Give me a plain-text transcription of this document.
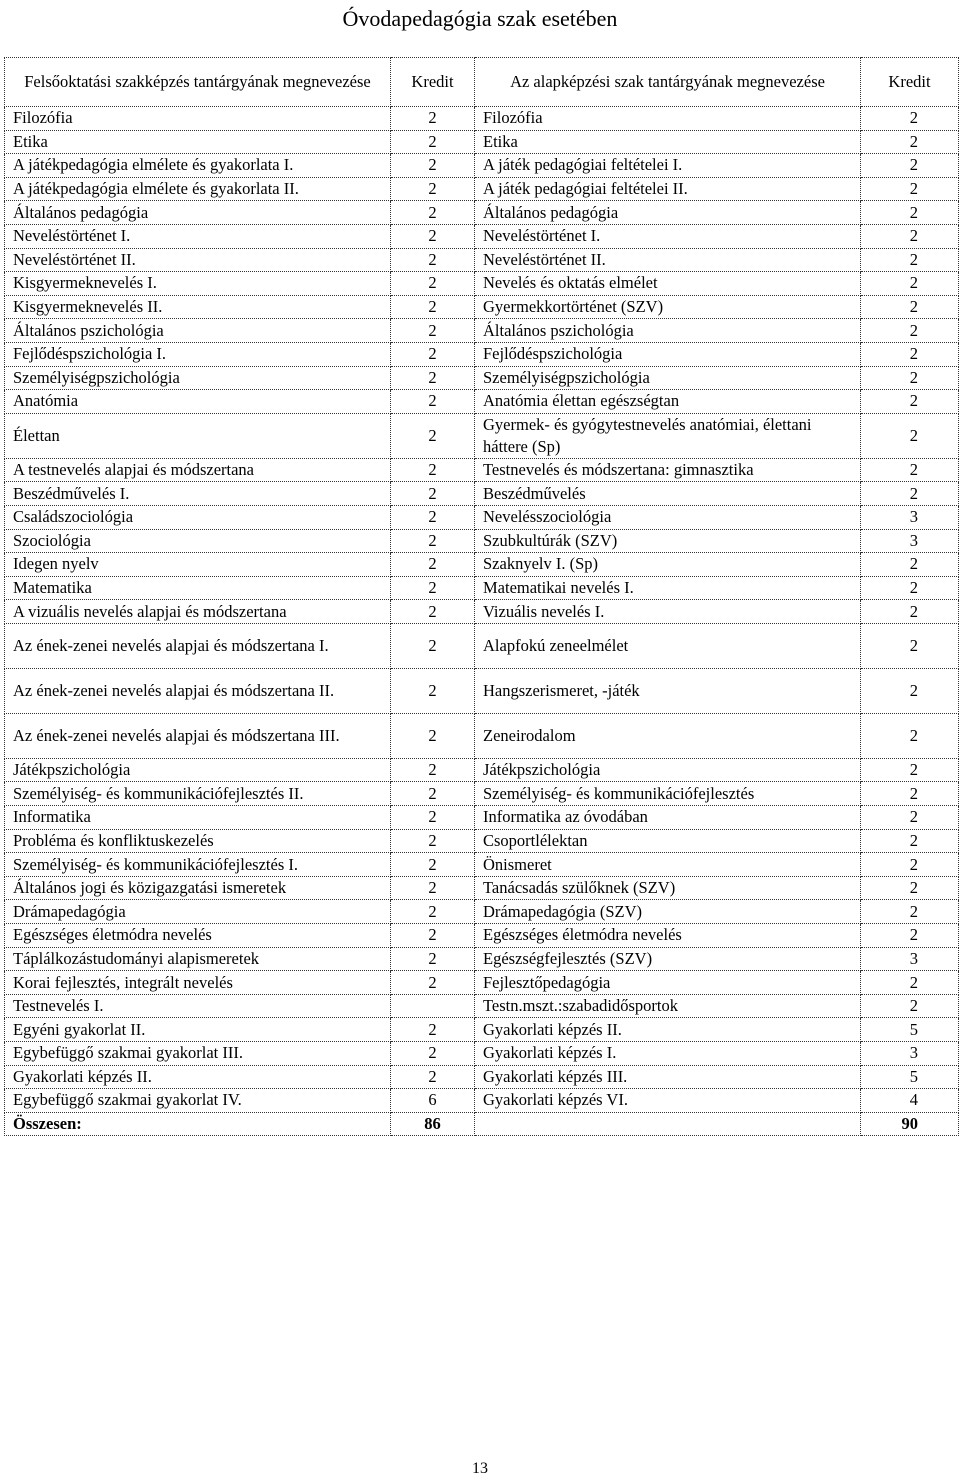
Óvodapedagógia szak esetében
Felsőoktatási szakképzés tantárgyának megnevezése	Kredit	Az alapképzési szak tantárgyának megnevezése	Kredit
Filozófia	2	Filozófia	2
Etika	2	Etika	2
A játékpedagógia elmélete és gyakorlata I.	2	A játék pedagógiai feltételei I.	2
A játékpedagógia elmélete és gyakorlata II.	2	A játék pedagógiai feltételei II.	2
Általános pedagógia	2	Általános pedagógia	2
Neveléstörténet I.	2	Neveléstörténet I.	2
Neveléstörténet II.	2	Neveléstörténet II.	2
Kisgyermeknevelés I.	2	Nevelés és oktatás elmélet	2
Kisgyermeknevelés II.	2	Gyermekkortörténet (SZV)	2
Általános pszichológia	2	Általános pszichológia	2
Fejlődéspszichológia I.	2	Fejlődéspszichológia	2
Személyiségpszichológia	2	Személyiségpszichológia	2
Anatómia	2	Anatómia élettan egészségtan	2
Élettan	2	Gyermek- és gyógytestnevelés anatómiai, élettani háttere (Sp)	2
A testnevelés alapjai és módszertana	2	Testnevelés és módszertana: gimnasztika	2
Beszédművelés I.	2	Beszédművelés	2
Családszociológia	2	Nevelésszociológia	3
Szociológia	2	Szubkultúrák (SZV)	3
Idegen nyelv	2	Szaknyelv I. (Sp)	2
Matematika	2	Matematikai nevelés I.	2
A vizuális nevelés alapjai és módszertana	2	Vizuális nevelés I.	2
Az ének-zenei nevelés alapjai és módszertana I.	2	Alapfokú zeneelmélet	2
Az ének-zenei nevelés alapjai és módszertana II.	2	Hangszerismeret, -játék	2
Az ének-zenei nevelés alapjai és módszertana III.	2	Zeneirodalom	2
Játékpszichológia	2	Játékpszichológia	2
Személyiség- és kommunikációfejlesztés II.	2	Személyiség- és kommunikációfejlesztés	2
Informatika	2	Informatika az óvodában	2
Probléma és konfliktuskezelés	2	Csoportlélektan	2
Személyiség- és kommunikációfejlesztés I.	2	Önismeret	2
Általános jogi és közigazgatási ismeretek	2	Tanácsadás szülőknek (SZV)	2
Drámapedagógia	2	Drámapedagógia (SZV)	2
Egészséges életmódra nevelés	2	Egészséges életmódra nevelés	2
Táplálkozástudományi alapismeretek	2	Egészségfejlesztés (SZV)	3
Korai fejlesztés, integrált nevelés	2	Fejlesztőpedagógia	2
Testnevelés I.		Testn.mszt.:szabadidősportok	2
Egyéni gyakorlat II.	2	Gyakorlati képzés II.	5
Egybefüggő szakmai gyakorlat III.	2	Gyakorlati képzés I.	3
Gyakorlati képzés II.	2	Gyakorlati képzés III.	5
Egybefüggő szakmai gyakorlat IV.	6	Gyakorlati képzés VI.	4
Összesen:	86		90
13
